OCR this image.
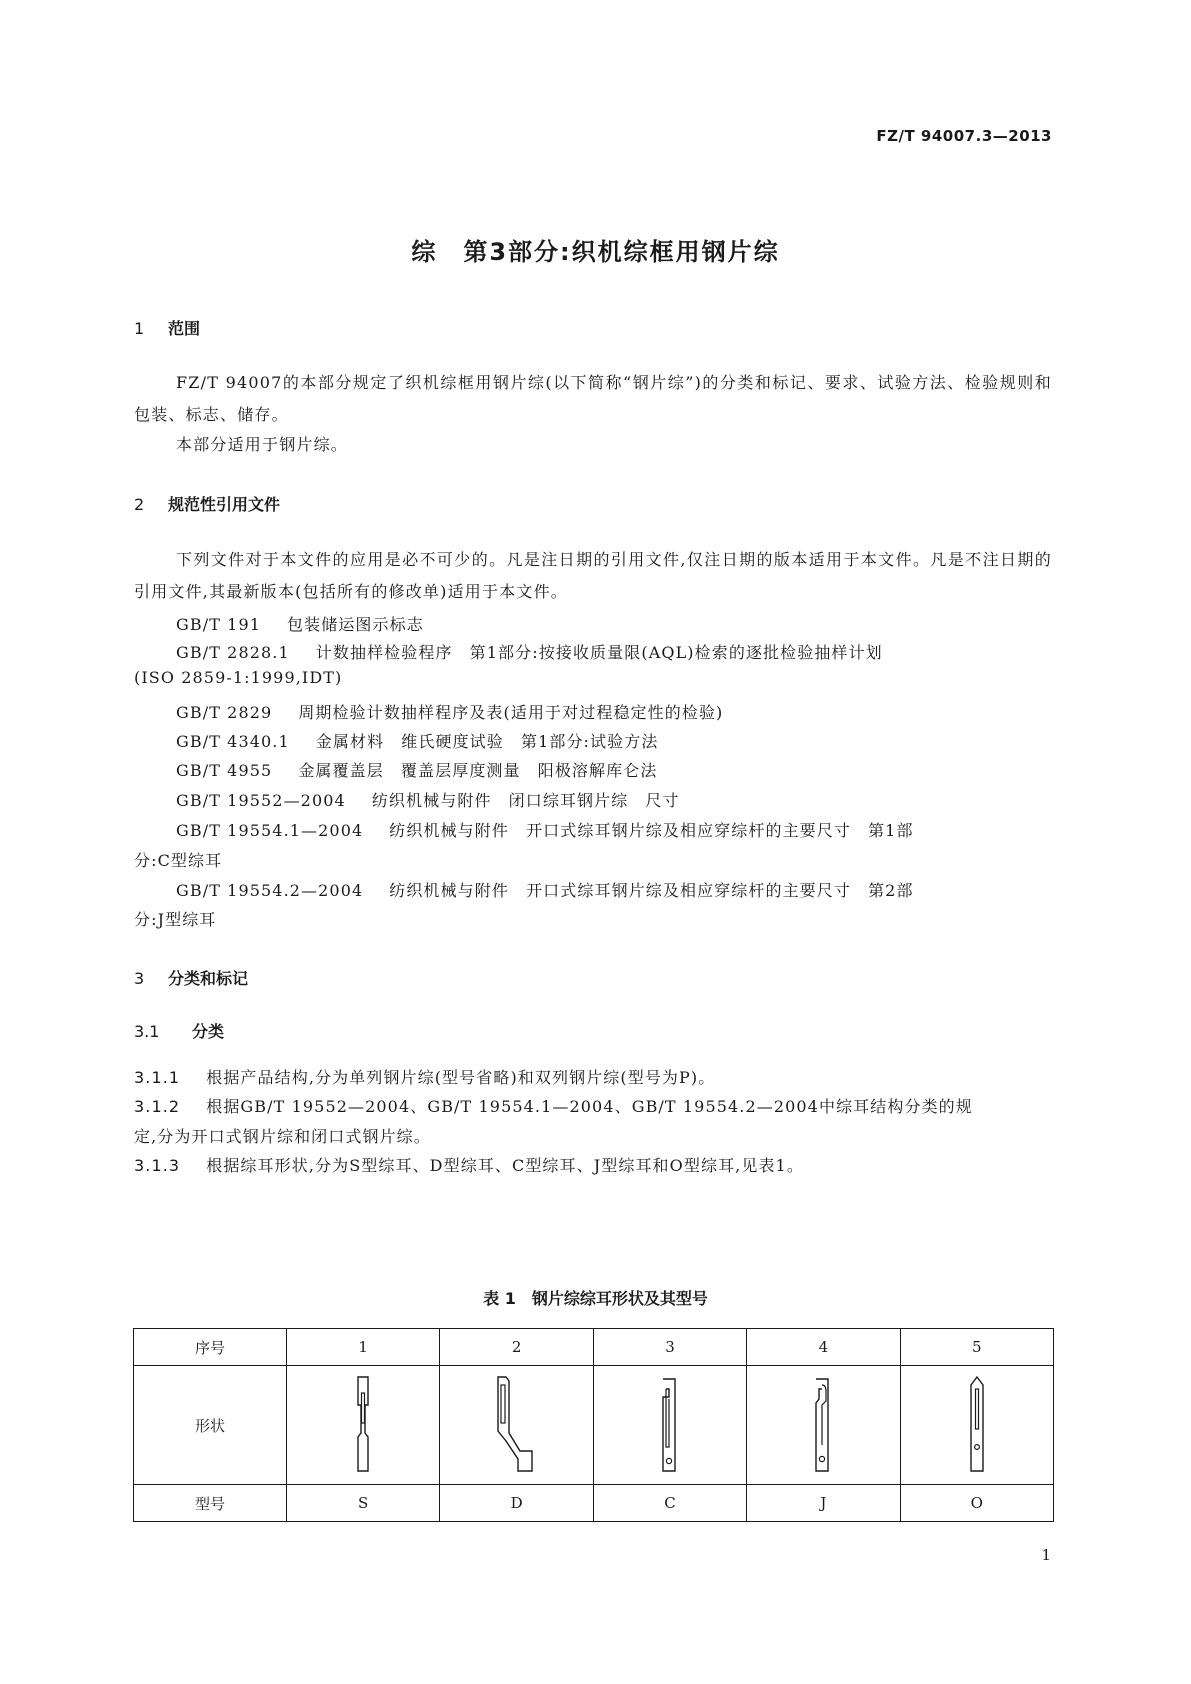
FZ/T 94007.3—2013
综　第3部分:织机综框用钢片综
1 范围
FZ/T 94007的本部分规定了织机综框用钢片综(以下简称“钢片综”)的分类和标记、要求、试验方法、检验规则和包装、标志、储存。
本部分适用于钢片综。
2 规范性引用文件
下列文件对于本文件的应用是必不可少的。凡是注日期的引用文件,仅注日期的版本适用于本文件。凡是不注日期的引用文件,其最新版本(包括所有的修改单)适用于本文件。
GB/T 191 包装储运图示标志
GB/T 2828.1 计数抽样检验程序　第1部分:按接收质量限(AQL)检索的逐批检验抽样计划
(ISO 2859-1:1999,IDT)
GB/T 2829 周期检验计数抽样程序及表(适用于对过程稳定性的检验)
GB/T 4340.1 金属材料　维氏硬度试验　第1部分:试验方法
GB/T 4955 金属覆盖层　覆盖层厚度测量　阳极溶解库仑法
GB/T 19552—2004 纺织机械与附件　闭口综耳钢片综　尺寸
GB/T 19554.1—2004 纺织机械与附件　开口式综耳钢片综及相应穿综杆的主要尺寸　第1部
分:C型综耳
GB/T 19554.2—2004 纺织机械与附件　开口式综耳钢片综及相应穿综杆的主要尺寸　第2部
分:J型综耳
3 分类和标记
3.1 分类
3.1.1 根据产品结构,分为单列钢片综(型号省略)和双列钢片综(型号为P)。
3.1.2 根据GB/T 19552—2004、GB/T 19554.1—2004、GB/T 19554.2—2004中综耳结构分类的规
定,分为开口式钢片综和闭口式钢片综。
3.1.3 根据综耳形状,分为S型综耳、D型综耳、C型综耳、J型综耳和O型综耳,见表1。
表 1　钢片综综耳形状及其型号
序号	1	2	3	4	5
形状	

型号	S	D	C	J	O
1
